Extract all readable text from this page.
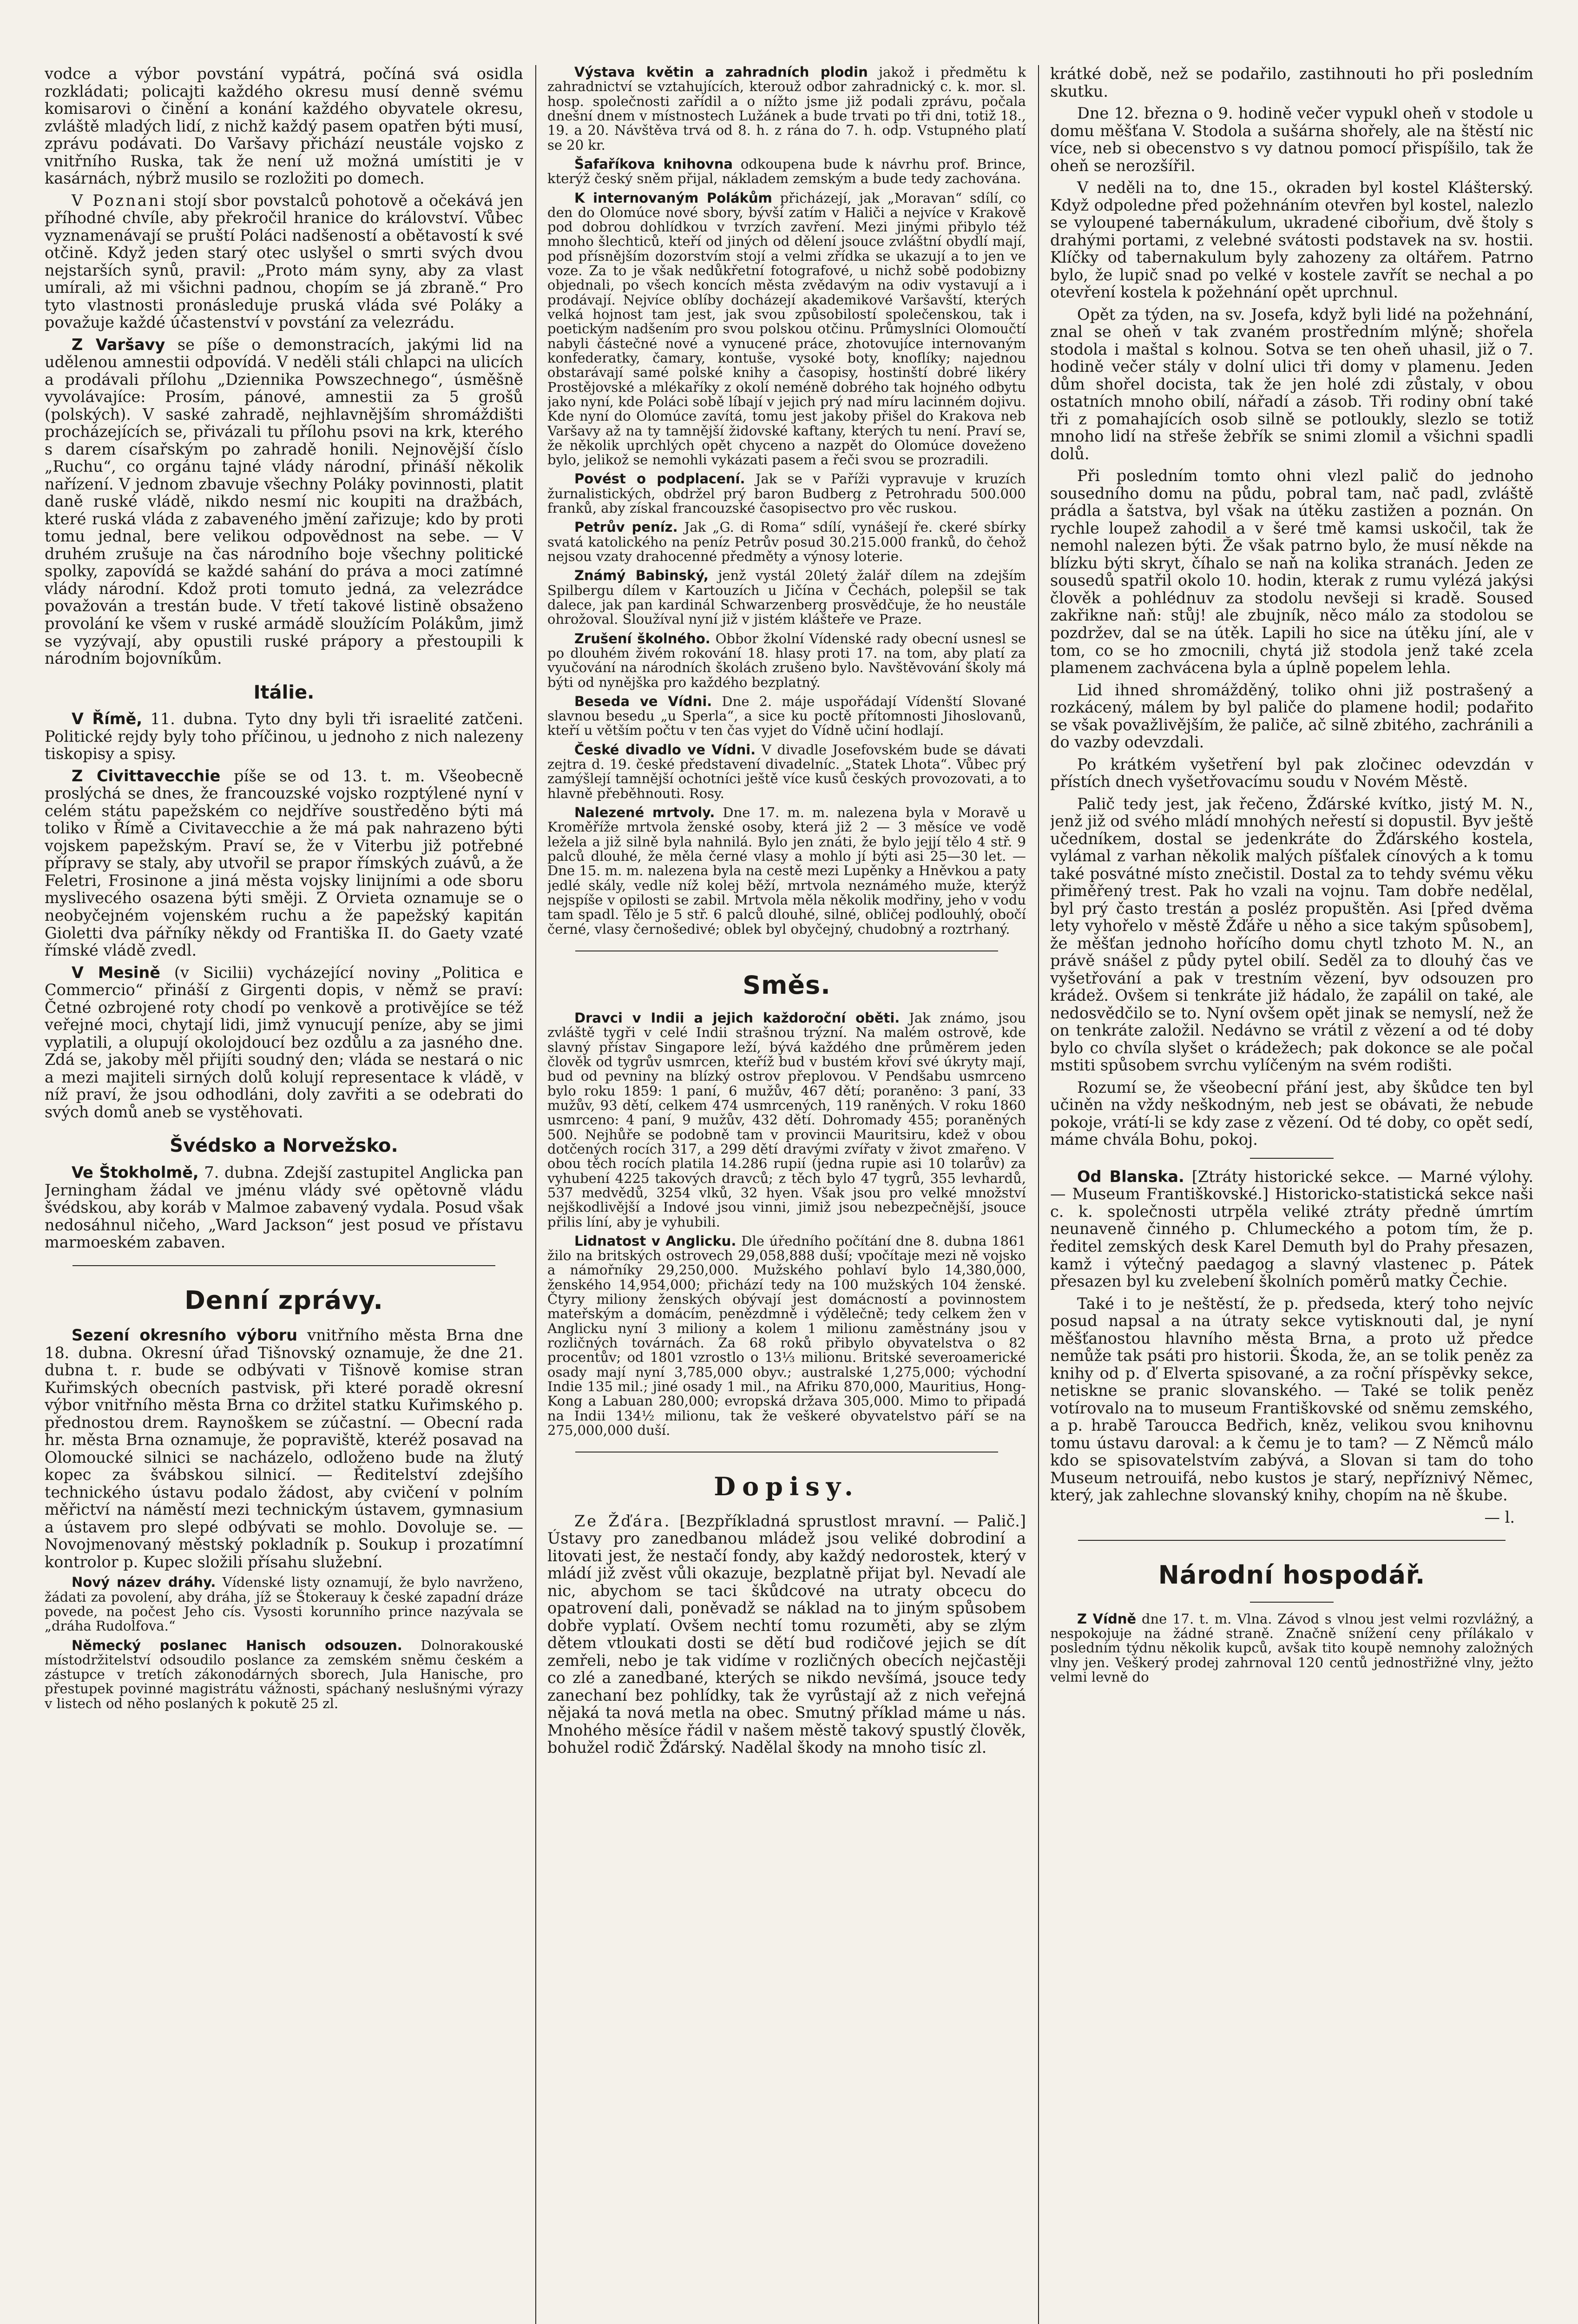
vodce a výbor povstání vypátrá, počíná svá osidla rozkládati; policajti každého okresu musí denně svému komisarovi o činění a konání každého obyvatele okresu, zvláště mladých lidí, z nichž každý pasem opatřen býti musí, zprávu podávati. Do Varšavy přichází neustále vojsko z vnitřního Ruska, tak že není už možná umístiti je v kasárnách, nýbrž musilo se rozložiti po domech.

V Poznani stojí sbor povstalců pohotově a očekává jen příhodné chvíle, aby překročil hranice do království. Vůbec vyznamenávají se pruští Poláci nadšeností a obětavostí k své otčině. Když jeden starý otec uslyšel o smrti svých dvou nejstarších synů, pravil: „Proto mám syny, aby za vlast umírali, až mi všichni padnou, chopím se já zbraně.“ Pro tyto vlastnosti pronásleduje pruská vláda své Poláky a považuje každé účastenství v povstání za velezrádu.

Z Varšavy se píše o demonstracích, jakými lid na udělenou amnestii odpovídá. V neděli stáli chlapci na ulicích a prodávali přílohu „Dziennika Powszechnego“, úsměšně vyvolávajíce: Prosím, pánové, amnestii za 5 grošů (polských). V saské zahradě, nejhlavnějším shromáždišti procházejících se, přivázali tu přílohu psovi na krk, kterého s darem císařským po zahradě honili. Nejnovější číslo „Ruchu“, co orgánu tajné vlády národní, přináší několik nařízení. V jednom zbavuje všechny Poláky povinnosti, platit daně ruské vládě, nikdo nesmí nic koupiti na dražbách, které ruská vláda z zabaveného jmění zařizuje; kdo by proti tomu jednal, bere velikou odpovědnost na sebe. — V druhém zrušuje na čas národního boje všechny politické spolky, zapovídá se každé sahání do práva a moci zatímné vlády národní. Kdož proti tomuto jedná, za velezrádce považován a trestán bude. V třetí takové listině obsaženo provolání ke všem v ruské armádě sloužícím Polákům, jimž se vyzývají, aby opustili ruské prápory a přestoupili k národním bojovníkům.

Itálie.

V Římě, 11. dubna. Tyto dny byli tři israelité zatčeni. Politické rejdy byly toho příčinou, u jednoho z nich nalezeny tiskopisy a spisy.

Z Civittavecchie píše se od 13. t. m. Všeobecně proslýchá se dnes, že francouzské vojsko rozptýlené nyní v celém státu papežském co nejdříve soustředěno býti má toliko v Římě a Civitavecchie a že má pak nahrazeno býti vojskem papežským. Praví se, že v Viterbu již potřebné přípravy se staly, aby utvořil se prapor římských zuávů, a že Feletri, Frosinone a jiná města vojsky linijními a ode sboru myslivecého osazena býti směji. Z Orvieta oznamuje se o neobyčejném vojenském ruchu a že papežský kapitán Gioletti dva pářníky někdy od Františka II. do Gaety vzaté římské vládě zvedl.

V Mesině (v Sicilii) vycházející noviny „Politica e Commercio“ přináší z Girgenti dopis, v němž se praví: Četné ozbrojené roty chodí po venkově a protivějíce se též veřejné moci, chytají lidi, jimž vynucují peníze, aby se jimi vyplatili, a olupují okolojdoucí bez ozdůlu a za jasného dne. Zdá se, jakoby měl přijíti soudný den; vláda se nestará o nic a mezi majiteli sirných dolů kolují representace k vládě, v níž praví, že jsou odhodláni, doly zavřiti a se odebrati do svých domů aneb se vystěhovati.

Švédsko a Norvežsko.

Ve Štokholmě, 7. dubna. Zdejší zastupitel Anglicka pan Jerningham žádal ve jménu vlády své opětovně vládu švédskou, aby koráb v Malmoe zabavený vydala. Posud však nedosáhnul ničeho, „Ward Jackson“ jest posud ve přístavu marmoeském zabaven.

Denní zprávy.

Sezení okresního výboru vnitřního města Brna dne 18. dubna. Okresní úřad Tišnovský oznamuje, že dne 21. dubna t. r. bude se odbývati v Tišnově komise stran Kuřimských obecních pastvisk, při které poradě okresní výbor vnitřního města Brna co držitel statku Kuřimského p. přednostou drem. Raynoškem se zúčastní. — Obecní rada hr. města Brna oznamuje, že popraviště, kteréž posavad na Olomoucké silnici se nacházelo, odloženo bude na žlutý kopec za švábskou silnicí. — Ředitelství zdejšího technického ústavu podalo žádost, aby cvičení v polním měřictví na náměstí mezi technickým ústavem, gymnasium a ústavem pro slepé odbývati se mohlo. Dovoluje se. — Novojmenovaný městský pokladník p. Soukup i prozatímní kontrolor p. Kupec složili přísahu služební.

Nový název dráhy. Vídenské listy oznamují, že bylo navrženo, žádati za povolení, aby dráha, jíž se Štokerauy k české zapadní dráze povede, na počest Jeho cís. Vysosti korunního prince nazývala se „dráha Rudolfova.“

Německý poslanec Hanisch odsouzen. Dolnorakouské místodržitelství odsoudilo poslance za zemském sněmu českém a zástupce v tretích zákonodárných sborech, Jula Hanische, pro přestupek povinné magistrátu vážnosti, spáchaný neslušnými výrazy v listech od něho poslaných k pokutě 25 zl.

Výstava květin a zahradních plodin jakož i předmětu k zahradnictví se vztahujících, kterouž odbor zahradnický c. k. mor. sl. hosp. společnosti zařídil a o nížto jsme již podali zprávu, počala dnešní dnem v místnostech Lužánek a bude trvati po tři dni, totiž 18., 19. a 20. Návštěva trvá od 8. h. z rána do 7. h. odp. Vstupného platí se 20 kr.

Šafaříkova knihovna odkoupena bude k návrhu prof. Brince, kterýž český sněm přijal, nákladem zemským a bude tedy zachována.

K internovaným Polákům přicházejí, jak „Moravan“ sdílí, co den do Olomúce nové sbory, bývší zatím v Haliči a nejvíce v Krakově pod dobrou dohlídkou v tvrzích zavření. Mezi jinými přibylo též mnoho šlechticů, kteří od jiných od dělení jsouce zvláštní obydlí mají, pod přísnějším dozorstvím stojí a velmi zřídka se ukazují a to jen ve voze. Za to je však nedůkřetní fotografové, u nichž sobě podobizny objednali, po všech koncích města zvědavým na odiv vystavují a i prodávají. Nejvíce oblíby docházejí akademikové Varšavští, kterých velká hojnost tam jest, jak svou způsobilostí společenskou, tak i poetickým nadšením pro svou polskou otčinu. Průmyslníci Olomoučtí nabyli částečné nové a vynucené práce, zhotovujíce internovaným konfederatky, čamary, kontuše, vysoké boty, knoflíky; najednou obstarávají samé polské knihy a časopisy, hostinští dobré likéry Prostějovské a mlékaříky z okolí neméně dobrého tak hojného odbytu jako nyní, kde Poláci sobě líbají v jejich prý nad míru lacinném dojivu. Kde nyní do Olomúce zavítá, tomu jest jakoby přišel do Krakova neb Varšavy až na ty tamnější židovské kaftany, kterých tu není. Praví se, že několik uprchlých opět chyceno a nazpět do Olomúce doveženo bylo, jelikož se nemohli vykázati pasem a řeči svou se prozradili.

Povést o podplacení. Jak se v Paříži vypravuje v kruzích žurnalistických, obdržel prý baron Budberg z Petrohradu 500.000 franků, aby získal francouzské časopisectvo pro věc ruskou.

Petrův peníz. Jak „G. di Roma“ sdílí, vynášejí ře. ckeré sbírky svatá katolického na peníz Petrův posud 30.215.000 franků, do čehož nejsou vzaty drahocenné předměty a výnosy loterie.

Známý Babinský, jenž vystál 20letý žalář dílem na zdejším Spilbergu dílem v Kartouzích u Jičína v Čechách, polepšil se tak dalece, jak pan kardinál Schwarzenberg prosvědčuje, že ho neustále ohrožoval. Sloužíval nyní již v jistém klášteře ve Praze.

Zrušení školného. Obbor žkolní Vídenské rady obecní usnesl se po dlouhém živém rokování 18. hlasy proti 17. na tom, aby platí za vyučování na národních školách zrušeno bylo. Navštěvování školy má býti od nynějška pro každého bezplatný.

Beseda ve Vídni. Dne 2. máje uspořádají Vídenští Slované slavnou besedu „u Sperla“, a sice ku poctě přítomnosti Jihoslovanů, kteří u větším počtu v ten čas vyjet do Vídně učiní hodlají.

České divadlo ve Vídni. V divadle Josefovském bude se dávati zejtra d. 19. české představení divadelníc. „Statek Lhota“. Vůbec prý zamýšlejí tamnější ochotníci ještě více kusů českých provozovati, a to hlavně přeběhnouti. Rosy.

Nalezené mrtvoly. Dne 17. m. m. nalezena byla v Moravě u Kroměříže mrtvola ženské osoby, která již 2 — 3 měsíce ve vodě ležela a již silně byla nahnilá. Bylo jen znáti, že bylo jejjí tělo 4 stř. 9 palců dlouhé, že měla černé vlasy a mohlo jí býti asi 25—30 let. — Dne 15. m. m. nalezena byla na cestě mezi Lupěnky a Hněvkou a paty jedlé skály, vedle níž kolej běží, mrtvola neznámého muže, kterýž nejspíše v opilosti se zabil. Mrtvola měla několik modřiny, jeho v vodu tam spadl. Tělo je 5 stř. 6 palců dlouhé, silné, obličej podlouhlý, obočí černé, vlasy černošedivé; oblek byl obyčejný, chudobný a roztrhaný.

Směs.

Dravci v Indii a jejich každoroční oběti. Jak známo, jsou zvláště tygři v celé Indii strašnou trýzní. Na malém ostrově, kde slavný přístav Singapore leží, bývá každého dne průměrem jeden člověk od tygrův usmrcen, kteříž bud v bustém křoví své úkryty mají, bud od pevniny na blízký ostrov přeplovou. V Pendšabu usmrceno bylo roku 1859: 1 paní, 6 mužův, 467 dětí; poraněno: 3 paní, 33 mužův, 93 dětí, celkem 474 usmrcených, 119 raněných. V roku 1860 usmrceno: 4 paní, 9 mužův, 432 dětí. Dohromady 455; poraněných 500. Nejhůře se podobně tam v provincii Mauritsiru, kdež v obou dotčených rocích 317, a 299 dětí dravými zvířaty v život zmařeno. V obou těch rocích platila 14.286 rupií (jedna rupie asi 10 tolarův) za vyhubení 4225 takových dravců; z těch bylo 47 tygrů, 355 levhardů, 537 medvědů, 3254 vlků, 32 hyen. Však jsou pro velké množství nejškodlivější a Indové jsou vinni, jimiž jsou nebezpečnější, jsouce přilis líní, aby je vyhubili.

Lidnatost v Anglicku. Dle úředního počítání dne 8. dubna 1861 žilo na britských ostrovech 29,058,888 duší; vpočítaje mezi ně vojsko a námořníky 29,250,000. Mužského pohlaví bylo 14,380,000, ženského 14,954,000; přichází tedy na 100 mužských 104 ženské. Čtyry miliony ženských obývají jest domácností a povinnostem mateřským a domácím, penězdmně i výdělečně; tedy celkem žen v Anglicku nyní 3 miliony a kolem 1 milionu zaměstnány jsou v rozličných továrnách. Za 68 roků přibylo obyvatelstva o 82 procentův; od 1801 vzrostlo o 13⅓ milionu. Britské severoamerické osady mají nyní 3,785,000 obyv.; australské 1,275,000; východní Indie 135 mil.; jiné osady 1 mil., na Afriku 870,000, Mauritius, Hong-Kong a Labuan 280,000; evropská država 305,000. Mimo to připadá na Indii 134½ milionu, tak že veškeré obyvatelstvo páří se na 275,000,000 duší.

Dopisy.

Ze Žďára. [Bezpříkladná sprustlost mravní. — Palič.] Ústavy pro zanedbanou mládež jsou veliké dobrodiní a litovati jest, že nestačí fondy, aby každý nedorostek, který v mládí již zvěst vůli okazuje, bezplatně přijat byl. Nevadí ale nic, abychom se taci škůdcové na utraty obcecu do opatrovení dali, poněvadž se náklad na to jiným spůsobem dobře vyplatí. Ovšem nechtí tomu rozuměti, aby se zlým dětem vtloukati dosti se dětí bud rodičové jejich se dít zemřeli, nebo je tak vidíme v rozličných obecích nejčastěji co zlé a zanedbané, kterých se nikdo nevšímá, jsouce tedy zanechaní bez pohlídky, tak že vyrůstají až z nich veřejná nějaká ta nová metla na obec. Smutný příklad máme u nás. Mnohého měsíce řádil v našem městě takový spustlý člověk, bohužel rodič Žďárský. Nadělal škody na mnoho tisíc zl.

krátké době, než se podařilo, zastihnouti ho při posledním skutku.

Dne 12. března o 9. hodině večer vypukl oheň v stodole u domu měšťana V. Stodola a sušárna shořely, ale na štěstí nic více, neb si obecenstvo s vy datnou pomocí přispíšilo, tak že oheň se nerozšířil.

V neděli na to, dne 15., okraden byl kostel Klášterský. Když odpoledne před požehnáním otevřen byl kostel, nalezlo se vyloupené tabernákulum, ukradené cibořium, dvě štoly s drahými portami, z velebné svátosti podstavek na sv. hostii. Klíčky od tabernakulum byly zahozeny za oltářem. Patrno bylo, že lupič snad po velké v kostele zavřít se nechal a po otevření kostela k požehnání opět uprchnul.

Opět za týden, na sv. Josefa, když byli lidé na požehnání, znal se oheň v tak zvaném prostředním mlýně; shořela stodola i maštal s kolnou. Sotva se ten oheň uhasil, již o 7. hodině večer stály v dolní ulici tři domy v plamenu. Jeden dům shořel docista, tak že jen holé zdi zůstaly, v obou ostatních mnoho obilí, nářadí a zásob. Tři rodiny obní také tři z pomahajících osob silně se potloukly, slezlo se totiž mnoho lidí na střeše žebřík se snimi zlomil a všichni spadli dolů.

Při posledním tomto ohni vlezl palič do jednoho sousedního domu na půdu, pobral tam, nač padl, zvláště prádla a šatstva, byl však na útěku zastižen a poznán. On rychle loupež zahodil a v šeré tmě kamsi uskočil, tak že nemohl nalezen býti. Že však patrno bylo, že musí někde na blízku býti skryt, číhalo se naň na kolika stranách. Jeden ze sousedů spatřil okolo 10. hodin, kterak z rumu vylézá jakýsi člověk a pohlédnuv za stodolu nevšeji si kradě. Soused zakřikne naň: stůj! ale zbujník, něco málo za stodolou se pozdržev, dal se na útěk. Lapili ho sice na útěku jíní, ale v tom, co se ho zmocnili, chytá již stodola jenž také zcela plamenem zachvácena byla a úplně popelem lehla.

Lid ihned shromážděný, toliko ohni již postrašený a rozkácený, málem by byl paliče do plamene hodil; podařito se však považlivějším, že paliče, ač silně zbitého, zachránili a do vazby odevzdali.

Po krátkém vyšetření byl pak zločinec odevzdán v přístích dnech vyšetřovacímu soudu v Novém Městě.

Palič tedy jest, jak řečeno, Žďárské kvítko, jistý M. N., jenž již od svého mládí mnohých neřestí si dopustil. Byv ještě učedníkem, dostal se jedenkráte do Žďárského kostela, vylámal z varhan několik malých píšťalek cínových a k tomu také posvátné místo znečistil. Dostal za to tehdy svému věku přiměřený trest. Pak ho vzali na vojnu. Tam dobře nedělal, byl prý často trestán a posléz propuštěn. Asi [před dvěma lety vyhořelo v městě Žďáře u něho a sice takým spůsobem], že měšťan jednoho hořícího domu chytl tzhoto M. N., an právě snášel z půdy pytel obilí. Seděl za to dlouhý čas ve vyšetřování a pak v trestním vězení, byv odsouzen pro krádež. Ovšem si tenkráte již hádalo, že zapálil on také, ale nedosvědčilo se to. Nyní ovšem opět jinak se nemyslí, než že on tenkráte založil. Nedávno se vrátil z vězení a od té doby bylo co chvíla slyšet o krádežech; pak dokonce se ale počal mstiti spůsobem svrchu vylíčeným na svém rodišti.

Rozumí se, že všeobecní přání jest, aby škůdce ten byl učiněn na vždy neškodným, neb jest se obávati, že nebude pokoje, vrátí-li se kdy zase z vězení. Od té doby, co opět sedí, máme chvála Bohu, pokoj.

Od Blanska. [Ztráty historické sekce. — Marné výlohy. — Museum Františkovské.] Historicko-statistická sekce naši c. k. společnosti utrpěla veliké ztráty předně úmrtím neunaveně činného p. Chlumeckého a potom tím, že p. ředitel zemských desk Karel Demuth byl do Prahy přesazen, kamž i výtečný paedagog a slavný vlastenec p. Pátek přesazen byl ku zvelebení školních poměrů matky Čechie.

Také i to je neštěstí, že p. předseda, který toho nejvíc posud napsal a na útraty sekce vytisknouti dal, je nyní měšťanostou hlavního města Brna, a proto už předce nemůže tak psáti pro historii. Škoda, že, an se tolik peněz za knihy od p. ď Elverta spisované, a za roční příspěvky sekce, netiskne se pranic slovanského. — Také se tolik peněz votírovalo na to museum Františkovské od sněmu zemského, a p. hrabě Taroucca Bedřich, kněz, velikou svou knihovnu tomu ústavu daroval: a k čemu je to tam? — Z Němců málo kdo se spisovatelstvím zabývá, a Slovan si tam do toho Museum netrouifá, nebo kustos je starý, nepříznivý Němec, který, jak zahlechne slovanský knihy, chopím na ně škube.

— l.

Národní hospodář.

Z Vídně dne 17. t. m. Vlna. Závod s vlnou jest velmi rozvlážný, a nespokojuje na žádné straně. Značně snížení ceny přílákalo v posledním týdnu několik kupců, avšak tito koupě nemnohy založných vlny jen. Veškerý prodej zahrnoval 120 centů jednostřižné vlny, ježto velmi levně do
